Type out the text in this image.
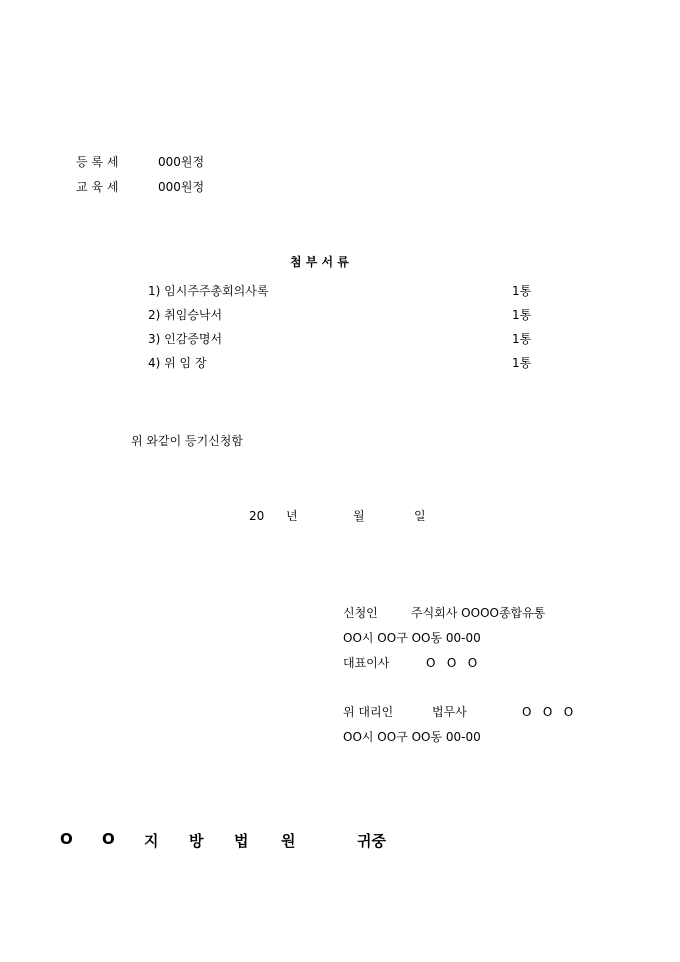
등 록 세	000원정
교 육 세	000원정
첨 부 서 류
1) 임시주주총회의사록	1통
2) 취임승낙서	1통
3) 인감증명서	1통
4) 위 임 장	1통
위 와같이 등기신청함
20 년	월	일
신청인	주식회사 OOOO종합유통
OO시 OO구 OO동 00-00
대표이사	O   O   O
위 대리인	법무사	O   O   O
OO시 OO구 OO동 00-00
O O 지 방 법 원	귀중
